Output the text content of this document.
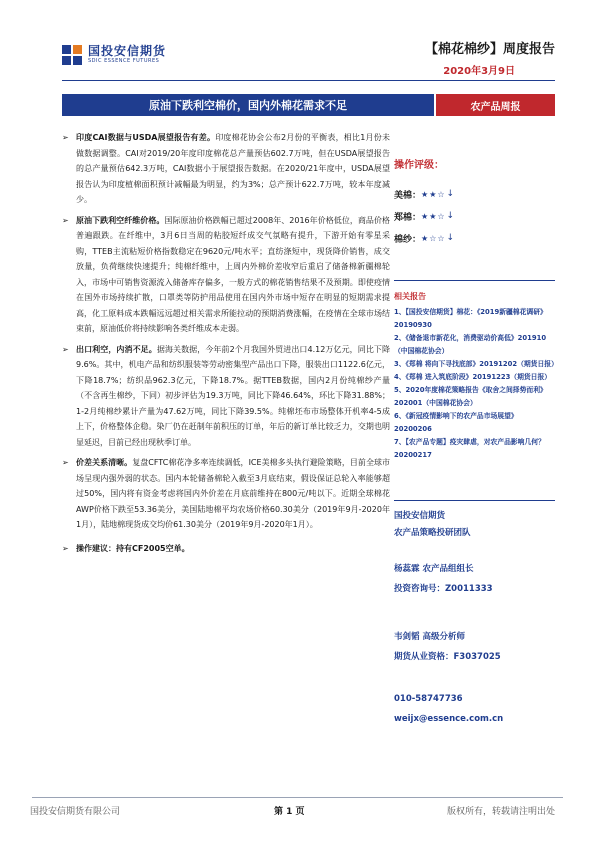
国投安信期货
SDIC ESSENCE FUTURES
【棉花棉纱】周度报告
2020年3月9日
原油下跌利空棉价，国内外棉花需求不足	农产品周报
➢ 印度CAI数据与USDA展望报告有差。印度棉花协会公布2月份的平衡表，相比1月份未做数据调整。CAI对2019/20年度印度棉花总产量预估602.7万吨，但在USDA展望报告的总产量预估642.3万吨，CAI数据小于展望报告数据。在2020/21年度中，USDA展望报告认为印度植棉面积预计减幅最为明显，约为3%；总产预计622.7万吨，较本年度减少。
➢ 原油下跌利空纤维价格。国际原油价格跌幅已超过2008年、2016年价格低位，商品价格普遍跟跌。在纤维中，3月6日当周的粘胶短纤成交气氛略有提升，下游开始有零星采购，TTEB主流粘短价格指数稳定在9620元/吨水平；直纺涤短中，现货降价销售，成交放量，负荷继续快速提升；纯棉纤维中，上周内外棉价差收窄后重启了储备棉新疆棉轮入，市场中可销售资源流入储备库存偏多，一般方式的棉花销售结果不及预期。即使疫情在国外市场持续扩散，口罩类等防护用品使用在国内外市场中短存在明显的短期需求提高，化工原料成本跌幅远远超过相关需求所能拉动的预期消费涨幅，在疫情在全球市场结束前，原油低价将持续影响各类纤维成本走弱。
➢ 出口利空，内消不足。据海关数据，今年前2个月我国外贸进出口4.12万亿元，同比下降9.6%。其中，机电产品和纺织服装等劳动密集型产品出口下降，服装出口1122.6亿元，下降18.7%；纺织品962.3亿元，下降18.7%。据TTEB数据，国内2月份纯棉纱产量（不含再生棉纱，下同）初步评估为19.3万吨，同比下降46.64%，环比下降31.88%；1-2月纯棉纱累计产量为47.62万吨，同比下降39.5%。纯棉坯布市场整体开机率4-5成上下，价格整体企稳。染厂仍在赶制年前积压的订单，年后的新订单比较乏力，交期也明显延迟，目前已经出现秋季订单。
➢ 价差关系清晰。复盘CFTC棉花净多率连续调低，ICE美棉多头执行避险策略，目前全球市场呈现内强外弱的状态。国内本轮储备棉轮入截至3月底结束，假设保证总轮入率能够超过50%，国内将有资金考虑将国内外价差在月底前维持在800元/吨以下。近期全球棉花AWP价格下跌至53.36美分，美国陆地棉平均农场价格60.30美分（2019年9月-2020年1月），陆地棉现货成交均价61.30美分（2019年9月-2020年1月）。
➢ 操作建议：持有CF2005空单。
操作评级：
美棉： ★★☆ ↓
郑棉： ★★☆ ↓
棉纱： ★☆☆ ↓
相关报告
1、【国投安信期货】棉花：《2019新疆棉花调研》20190930
2、《储备退市新花化，消费驱动价高低》201910（中国棉花协会）
3、《郑棉 将向下寻找底部》20191202（期货日报）
4、《郑棉 进入筑底阶段》20191223（期货日报）
5、2020年度棉花策略报告《取舍之间择势而利》202001（中国棉花协会）
6、《新冠疫情影响下的农产品市场展望》20200206
7、【农产品专题】疫灾肆虐，对农产品影响几何？20200217
国投安信期货
农产品策略投研团队
杨蕊霖 农产品组组长
投资咨询号：Z0011333
韦剑韬 高级分析师
期货从业资格：F3037025
010-58747736
weijx@essence.com.cn
国投安信期货有限公司	第 1 页	版权所有，转载请注明出处
